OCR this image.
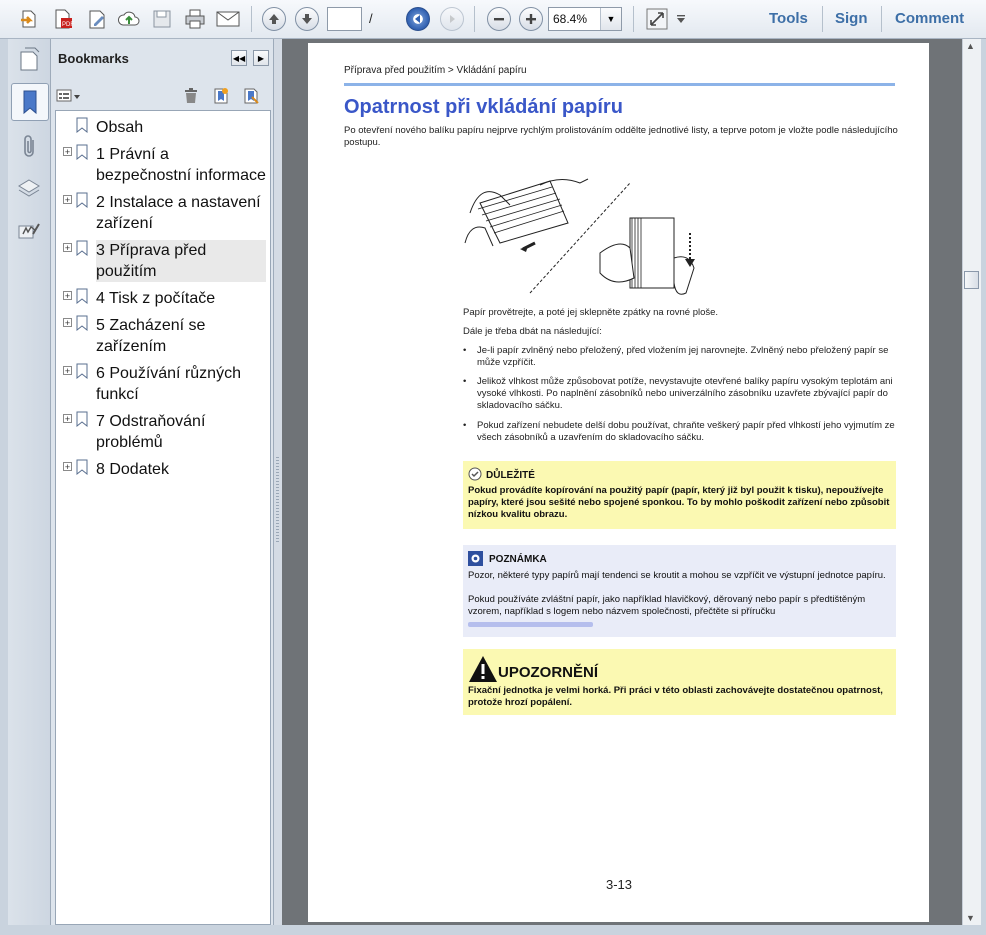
PDF	/	68.4%	▼	Tools Sign Comment
Bookmarks	◀◀	▶
Obsah
+ 1 Právní a bezpečnostní informace
+ 2 Instalace a nastavení zařízení
+ 3 Příprava před použitím
+ 4 Tisk z počítače
+ 5 Zacházení se zařízením
+ 6 Používání různých funkcí
+ 7 Odstraňování problémů
+ 8 Dodatek
Příprava před použitím > Vkládání papíru
Opatrnost při vkládání papíru
Po otevření nového balíku papíru nejprve rychlým prolistováním oddělte jednotlivé listy, a teprve potom je vložte podle následujícího postupu.
Papír provětrejte, a poté jej sklepněte zpátky na rovné ploše.
Dále je třeba dbát na následující:
• Je-li papír zvlněný nebo přeložený, před vložením jej narovnejte. Zvlněný nebo přeložený papír se může vzpříčit.
• Jelikož vlhkost může způsobovat potíže, nevystavujte otevřené balíky papíru vysokým teplotám ani vysoké vlhkosti. Po naplnění zásobníků nebo univerzálního zásobníku uzavřete zbývající papír do skladovacího sáčku.
• Pokud zařízení nebudete delší dobu používat, chraňte veškerý papír před vlhkostí jeho vyjmutím ze všech zásobníků a uzavřením do skladovacího sáčku.
DŮLEŽITÉ
Pokud provádíte kopírování na použitý papír (papír, který již byl použit k tisku), nepoužívejte papíry, které jsou sešité nebo spojené sponkou. To by mohlo poškodit zařízení nebo způsobit nízkou kvalitu obrazu.
POZNÁMKA
Pozor, některé typy papírů mají tendenci se kroutit a mohou se vzpříčit ve výstupní jednotce papíru.
Pokud používáte zvláštní papír, jako například hlavičkový, děrovaný nebo papír s předtištěným vzorem, například s logem nebo názvem společnosti, přečtěte si příručku
UPOZORNĚNÍ
Fixační jednotka je velmi horká. Při práci v této oblasti zachovávejte dostatečnou opatrnost, protože hrozí popálení.
3-13
▲
▼
